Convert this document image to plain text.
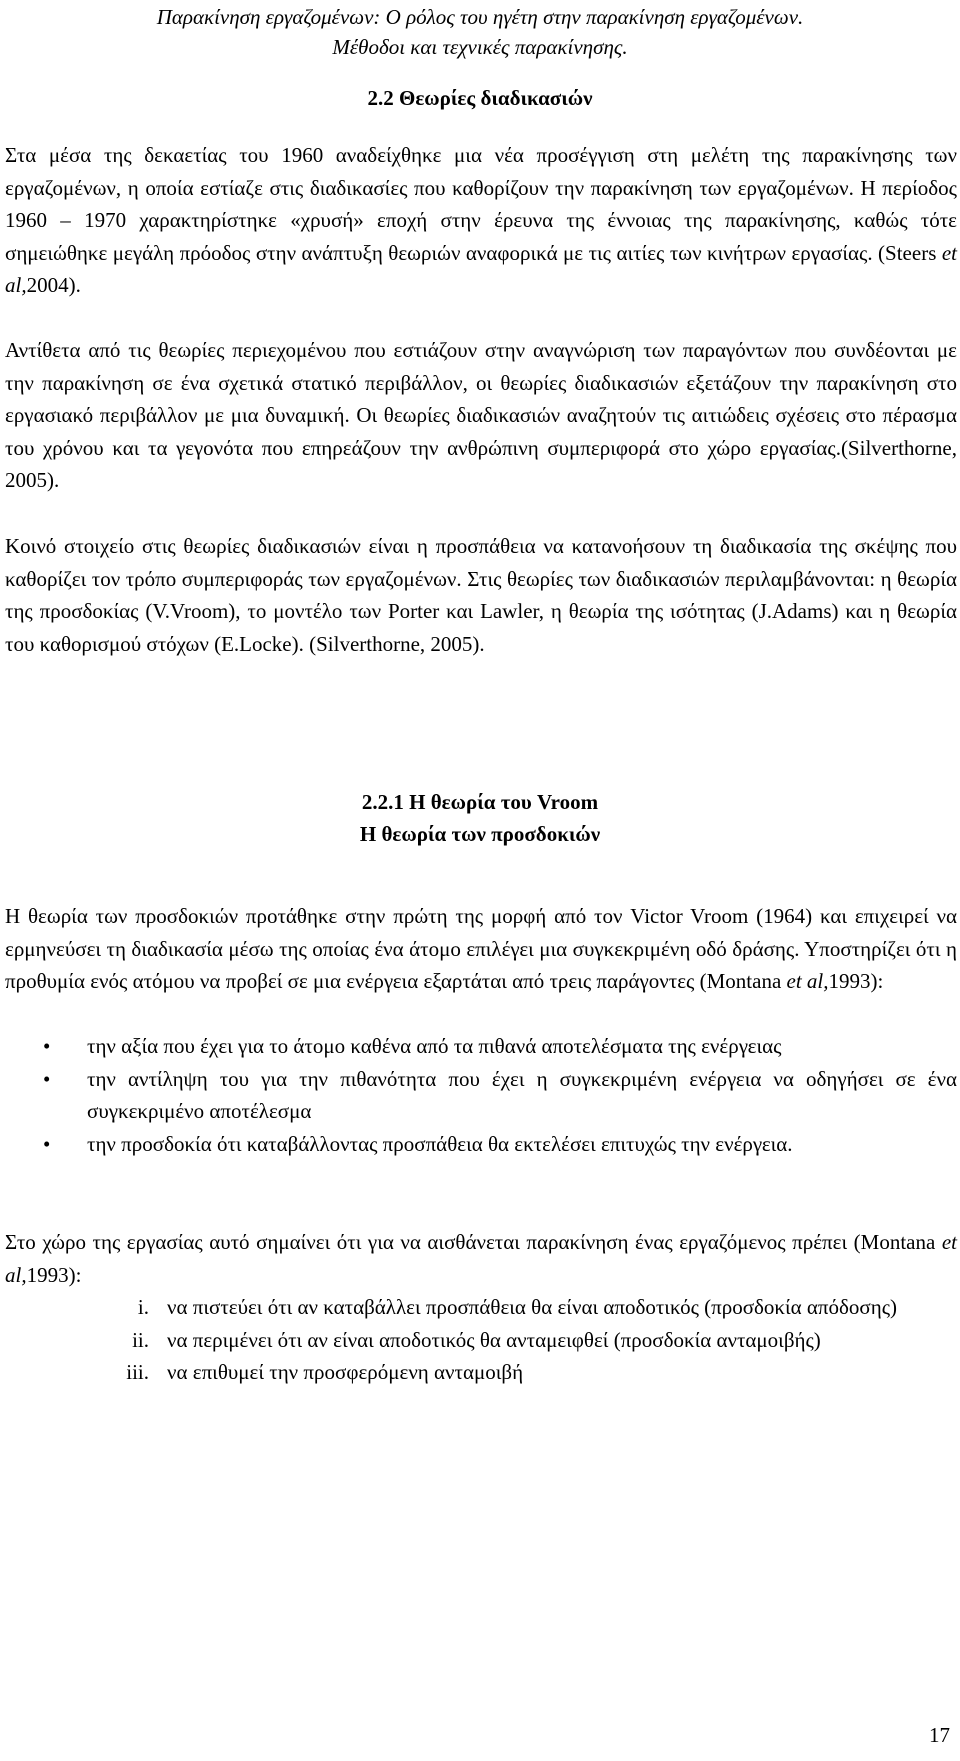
Παρακίνηση εργαζομένων: Ο ρόλος του ηγέτη στην παρακίνηση εργαζομένων.
Μέθοδοι και τεχνικές παρακίνησης.
2.2 Θεωρίες διαδικασιών

Στα μέσα της δεκαετίας του 1960 αναδείχθηκε μια νέα προσέγγιση στη μελέτη της παρακίνησης των εργαζομένων, η οποία εστίαζε στις διαδικασίες που καθορίζουν την παρακίνηση των εργαζομένων. Η περίοδος 1960 – 1970 χαρακτηρίστηκε «χρυσή» εποχή στην έρευνα της έννοιας της παρακίνησης, καθώς τότε σημειώθηκε μεγάλη πρόοδος στην ανάπτυξη θεωριών αναφορικά με τις αιτίες των κινήτρων εργασίας. (Steers et al,2004).

Αντίθετα από τις θεωρίες περιεχομένου που εστιάζουν στην αναγνώριση των παραγόντων που συνδέονται με την παρακίνηση σε ένα σχετικά στατικό περιβάλλον, οι θεωρίες διαδικασιών εξετάζουν την παρακίνηση στο εργασιακό περιβάλλον με μια δυναμική. Οι θεωρίες διαδικασιών αναζητούν τις αιτιώδεις σχέσεις στο πέρασμα του χρόνου και τα γεγονότα που επηρεάζουν την ανθρώπινη συμπεριφορά στο χώρο εργασίας.(Silverthorne, 2005).

Κοινό στοιχείο στις θεωρίες διαδικασιών είναι η προσπάθεια να κατανοήσουν τη διαδικασία της σκέψης που καθορίζει τον τρόπο συμπεριφοράς των εργαζομένων. Στις θεωρίες των διαδικασιών περιλαμβάνονται: η θεωρία της προσδοκίας (V.Vroom), το μοντέλο των Porter και Lawler, η θεωρία της ισότητας (J.Adams) και η θεωρία του καθορισμού στόχων (E.Locke). (Silverthorne, 2005).

2.2.1 Η θεωρία του Vroom
Η θεωρία των προσδοκιών

Η θεωρία των προσδοκιών προτάθηκε στην πρώτη της μορφή από τον Victor Vroom (1964) και επιχειρεί να ερμηνεύσει τη διαδικασία μέσω της οποίας ένα άτομο επιλέγει μια συγκεκριμένη οδό δράσης. Υποστηρίζει ότι η προθυμία ενός ατόμου να προβεί σε μια ενέργεια εξαρτάται από τρεις παράγοντες (Montana et al,1993):

• την αξία που έχει για το άτομο καθένα από τα πιθανά αποτελέσματα της ενέργειας
• την αντίληψη του για την πιθανότητα που έχει η συγκεκριμένη ενέργεια να οδηγήσει σε ένα συγκεκριμένο αποτέλεσμα
• την προσδοκία ότι καταβάλλοντας προσπάθεια θα εκτελέσει επιτυχώς την ενέργεια.

Στο χώρο της εργασίας αυτό σημαίνει ότι για να αισθάνεται παρακίνηση ένας εργαζόμενος πρέπει (Montana et al,1993):

i. να πιστεύει ότι αν καταβάλλει προσπάθεια θα είναι αποδοτικός (προσδοκία απόδοσης)
ii. να περιμένει ότι αν είναι αποδοτικός θα ανταμειφθεί (προσδοκία ανταμοιβής)
iii. να επιθυμεί την προσφερόμενη ανταμοιβή
17
